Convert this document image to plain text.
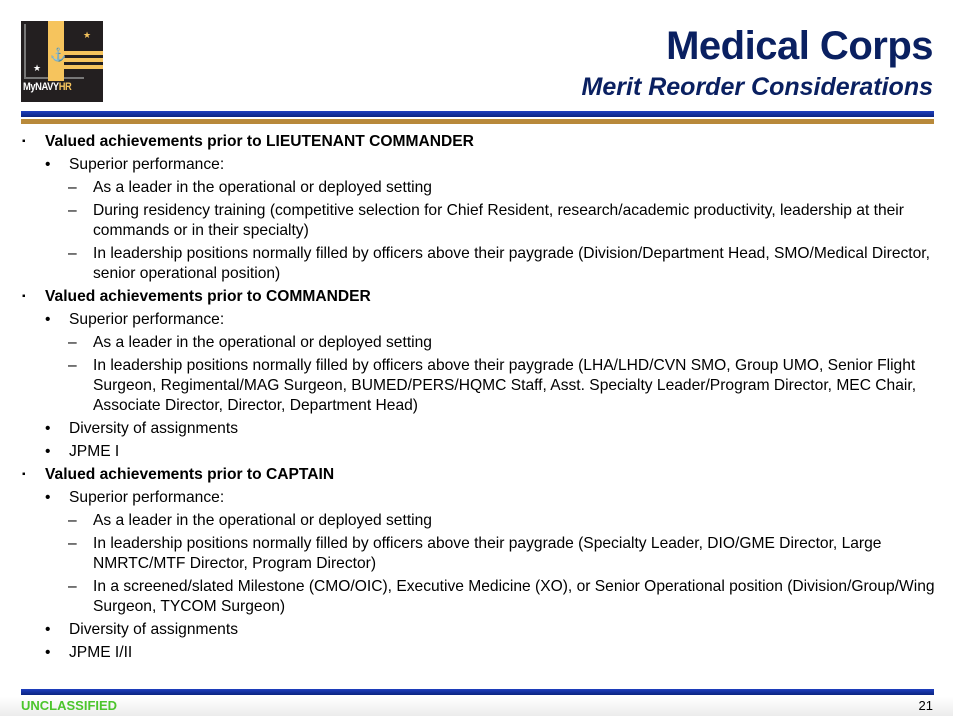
⚓
★
★
MyNAVYHR
Medical Corps
Merit Reorder Considerations
▪ Valued achievements prior to LIEUTENANT COMMANDER
• Superior performance:
– As a leader in the operational or deployed setting
– During residency training (competitive selection for Chief Resident, research/academic productivity, leadership at their commands or in their specialty)
– In leadership positions normally filled by officers above their paygrade (Division/Department Head, SMO/Medical Director, senior operational position)
▪ Valued achievements prior to COMMANDER
• Superior performance:
– As a leader in the operational or deployed setting
– In leadership positions normally filled by officers above their paygrade (LHA/LHD/CVN SMO, Group UMO, Senior Flight Surgeon, Regimental/MAG Surgeon, BUMED/PERS/HQMC Staff, Asst. Specialty Leader/Program Director, MEC Chair, Associate Director, Director, Department Head)
• Diversity of assignments
• JPME I
▪ Valued achievements prior to CAPTAIN
• Superior performance:
– As a leader in the operational or deployed setting
– In leadership positions normally filled by officers above their paygrade (Specialty Leader, DIO/GME Director, Large NMRTC/MTF Director, Program Director)
– In a screened/slated Milestone (CMO/OIC), Executive Medicine (XO), or Senior Operational position (Division/Group/Wing Surgeon, TYCOM Surgeon)
• Diversity of assignments
• JPME I/II
UNCLASSIFIED	21
